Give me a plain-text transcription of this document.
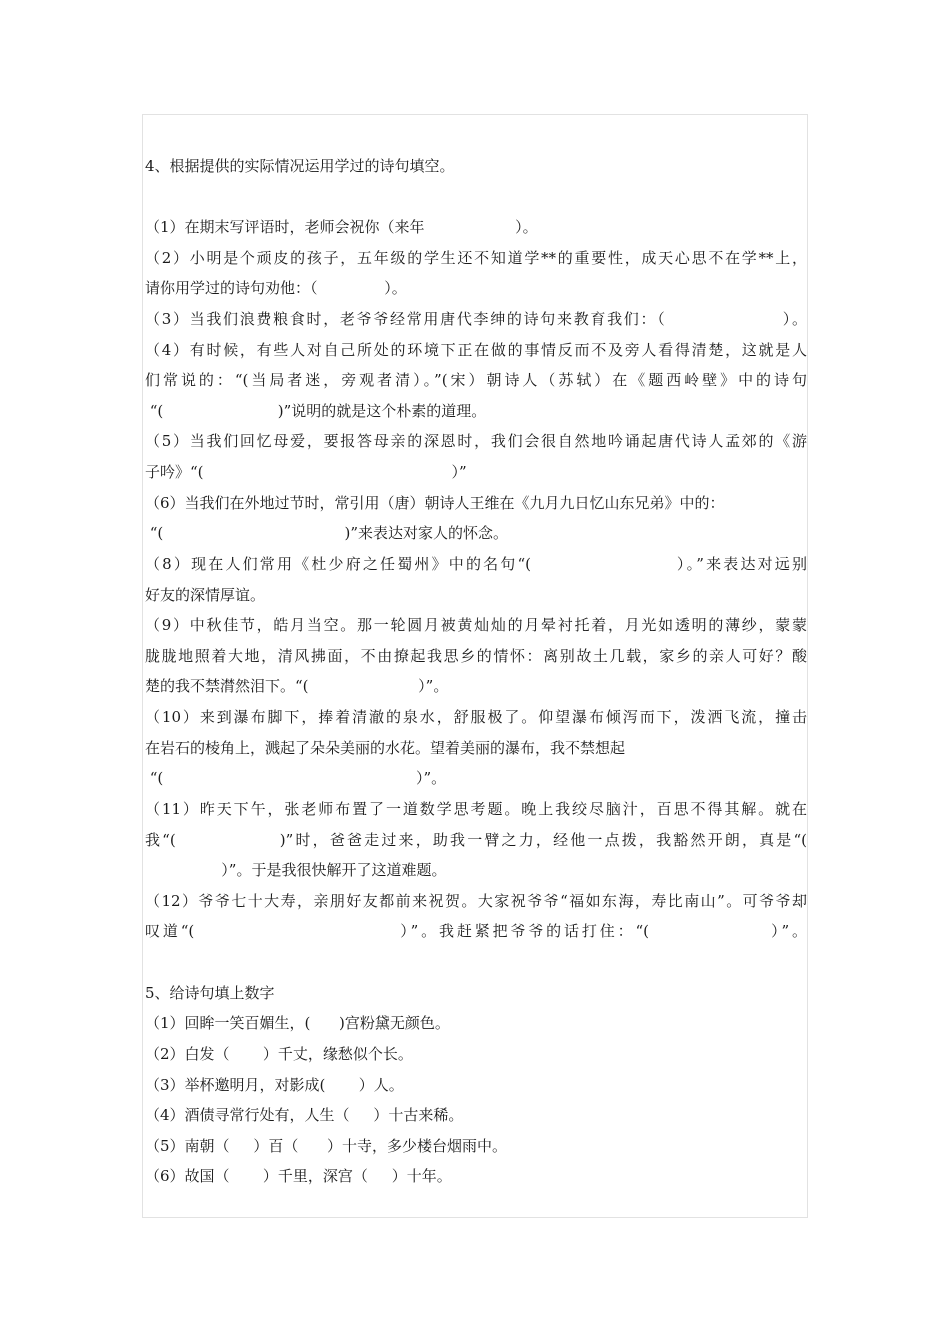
4、根据提供的实际情况运用学过的诗句填空。
（1）在期末写评语时，老师会祝你（来年                   ）。
（2）小明是个顽皮的孩子，五年级的学生还不知道学**的重要性，成天心思不在学**上，
请你用学过的诗句劝他：（              ）。
（3）当我们浪费粮食时，老爷爷经常用唐代李绅的诗句来教育我们：（                  ）。
（4）有时候，有些人对自己所处的环境下正在做的事情反而不及旁人看得清楚，这就是人
们常说的：“(当局者迷，旁观者清）。”(宋）朝诗人（苏轼）在《题西岭壁》中的诗句
“(                        )”说明的就是这个朴素的道理。
（5）当我们回忆母爱，要报答母亲的深恩时，我们会很自然地吟诵起唐代诗人孟郊的《游
子吟》“(                                                    ）”
（6）当我们在外地过节时，常引用（唐）朝诗人王维在《九月九日忆山东兄弟》中的：
“(                                      )”来表达对家人的怀念。
（8）现在人们常用《杜少府之任蜀州》中的名句“(                     ）。”来表达对远别
好友的深情厚谊。
（9）中秋佳节，皓月当空。那一轮圆月被黄灿灿的月晕衬托着，月光如透明的薄纱，蒙蒙
胧胧地照着大地，清风拂面，不由撩起我思乡的情怀：离别故土几载，家乡的亲人可好？酸
楚的我不禁潸然泪下。“(                       ）”。
（10）来到瀑布脚下，捧着清澈的泉水，舒服极了。仰望瀑布倾泻而下，泼洒飞流，撞击
在岩石的棱角上，溅起了朵朵美丽的水花。望着美丽的瀑布，我不禁想起
“(                                                     ）”。
（11）昨天下午，张老师布置了一道数学思考题。晚上我绞尽脑汁，百思不得其解。就在
我“(               )”时，爸爸走过来，助我一臂之力，经他一点拨，我豁然开朗，真是“(
）”。于是我很快解开了这道难题。
（12）爷爷七十大寿，亲朋好友都前来祝贺。大家祝爷爷“福如东海，寿比南山”。可爷爷却
叹道“(                           ）”。我赶紧把爷爷的话打住：“(                ）”。
5、给诗句填上数字
（1）回眸一笑百媚生，(      )宫粉黛无颜色。
（2）白发（       ）千丈，缘愁似个长。
（3）举杯邀明月，对影成(       ）人。
（4）酒债寻常行处有，人生（     ）十古来稀。
（5）南朝（     ）百（      ）十寺，多少楼台烟雨中。
（6）故国（       ）千里，深宫（     ）十年。
